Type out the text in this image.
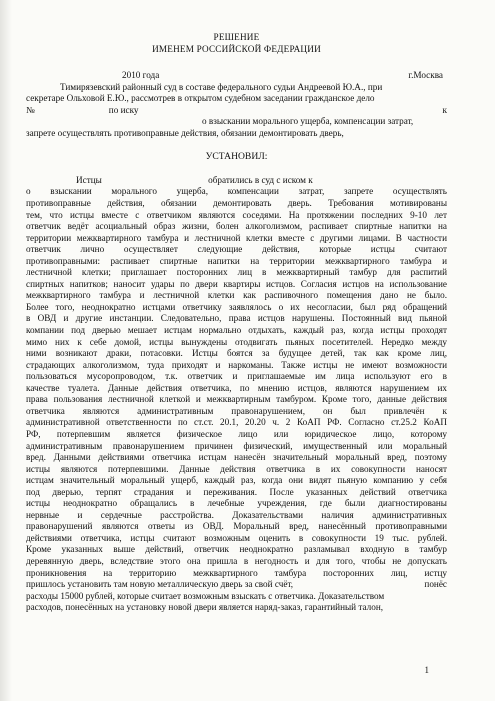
РЕШЕНИЕ
ИМЕНЕМ РОССИЙСКОЙ ФЕДЕРАЦИИ
2010 года	г.Москва

Тимирязевский районный суд в составе федерального судьи Андреевой Ю.А., при

секретаре Ольховой Е.Ю., рассмотрев в открытом судебном заседании гражданское дело

№	по иску	к

о взыскании морального ущерба, компенсации затрат,

запрете осуществлять противоправные действия, обязании демонтировать дверь,

УСТАНОВИЛ:

Истцы	обратились в суд с иском к

о взыскании морального ущерба, компенсации затрат, запрете осуществлять

противоправные действия, обязании демонтировать дверь. Требования мотивированы

тем, что истцы вместе с ответчиком являются соседями. На протяжении последних 9-10 лет

ответчик ведёт асоциальный образ жизни, болен алкоголизмом, распивает спиртные напитки на

территории межквартирного тамбура и лестничной клетки вместе с другими лицами. В частности

ответчик лично осуществляет следующие действия, которые истцы считают

противоправными: распивает спиртные напитки на территории межквартирного тамбура и

лестничной клетки; приглашает посторонних лиц в межквартирный тамбур для распитий

спиртных напитков; наносит удары по двери квартиры истцов. Согласия истцов на использование

межквартирного тамбура и лестничной клетки как распивочного помещения дано не было.

Более того, неоднократно истцами ответчику заявлялось о их несогласии, был ряд обращений

в ОВД и другие инстанции. Следовательно, права истцов нарушены. Постоянный вид пьяной

компании под дверью мешает истцам нормально отдыхать, каждый раз, когда истцы проходят

мимо них к себе домой, истцы вынуждены отодвигать пьяных посетителей. Нередко между

ними возникают драки, потасовки. Истцы боятся за будущее детей, так как кроме лиц,

страдающих алкоголизмом, туда приходят и наркоманы. Также истцы не имеют возможности

пользоваться мусоропроводом, т.к. ответчик и приглашаемые им лица используют его в

качестве туалета. Данные действия ответчика, по мнению истцов, являются нарушением их

права пользования лестничной клеткой и межквартирным тамбуром. Кроме того, данные действия

ответчика являются административным правонарушением, он был привлечён к

административной ответственности по ст.ст. 20.1, 20.20 ч. 2 КоАП РФ. Согласно ст.25.2 КоАП

РФ, потерпевшим является физическое лицо или юридическое лицо, которому

административным правонарушением причинен физический, имущественный или моральный

вред. Данными действиями ответчика истцам нанесён значительный моральный вред, поэтому

истцы являются потерпевшими. Данные действия ответчика в их совокупности наносят

истцам значительный моральный ущерб, каждый раз, когда они видят пьяную компанию у себя

под дверью, терпят страдания и переживания. После указанных действий ответчика

истцы неоднократно обращались в лечебные учреждения, где были диагностированы

нервные и сердечные расстройства. Доказательствами наличия административных

правонарушений являются ответы из ОВД. Моральный вред, нанесённый противоправными

действиями ответчика, истцы считают возможным оценить в совокупности 19 тыс. рублей.

Кроме указанных выше действий, ответчик неоднократно разламывал входную в тамбур

деревянную дверь, вследствие этого она пришла в негодность и для того, чтобы не допускать

проникновения на территорию межквартирного тамбура посторонних лиц, истцу

пришлось установить там новую металлическую дверь за свой счёт,	понёс

расходы 15000 рублей, которые считает возможным взыскать с ответчика. Доказательством

расходов, понесённых на установку новой двери является наряд-заказ, гарантийный талон,

1
